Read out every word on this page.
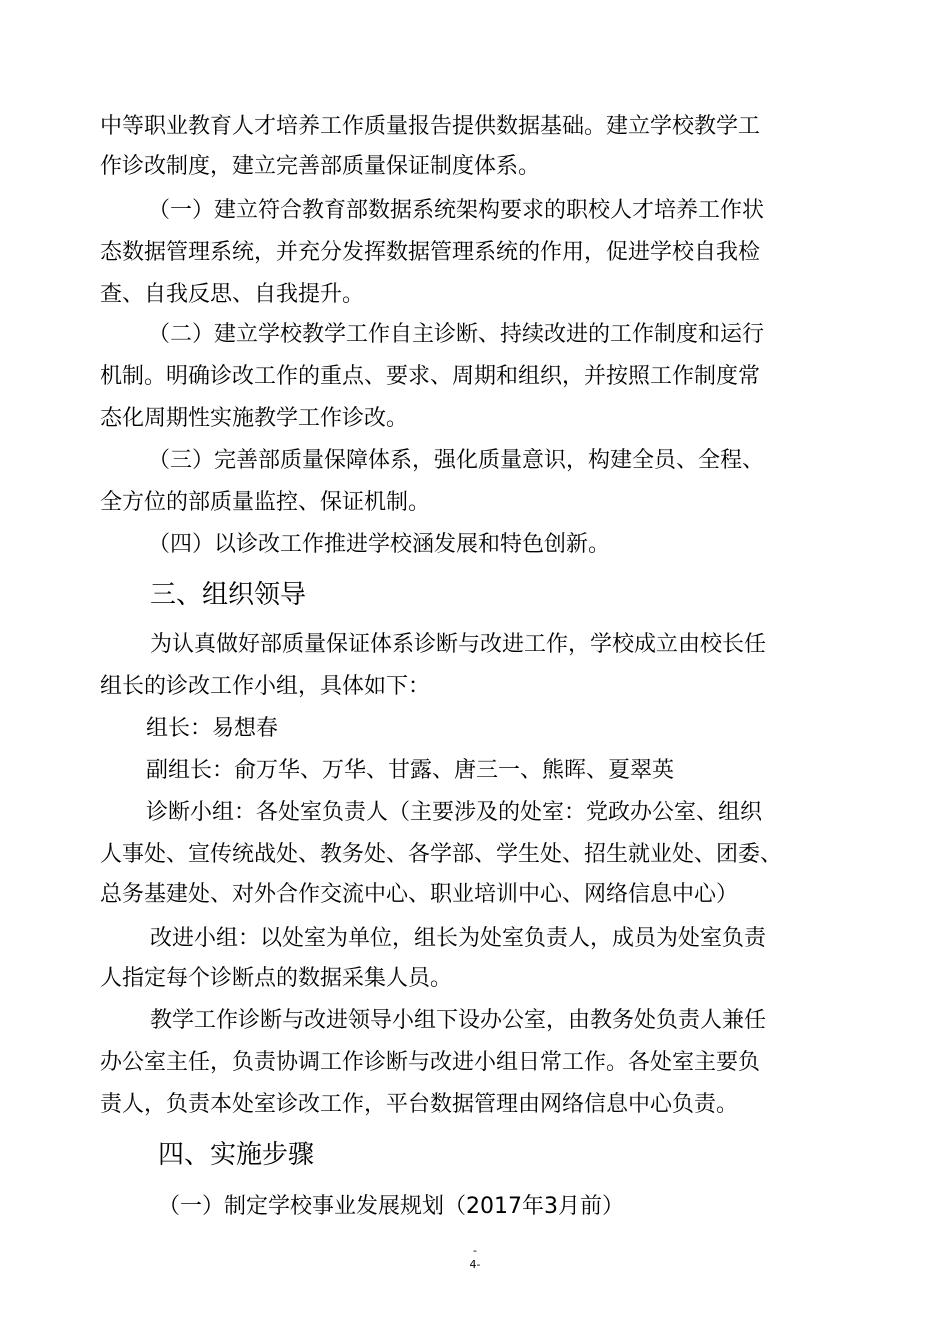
中等职业教育人才培养工作质量报告提供数据基础。建立学校教学工
作诊改制度，建立完善部质量保证制度体系。
（一）建立符合教育部数据系统架构要求的职校人才培养工作状
态数据管理系统，并充分发挥数据管理系统的作用，促进学校自我检
查、自我反思、自我提升。
（二）建立学校教学工作自主诊断、持续改进的工作制度和运行
机制。明确诊改工作的重点、要求、周期和组织，并按照工作制度常
态化周期性实施教学工作诊改。
（三）完善部质量保障体系，强化质量意识，构建全员、全程、
全方位的部质量监控、保证机制。
（四）以诊改工作推进学校涵发展和特色创新。
三、组织领导
为认真做好部质量保证体系诊断与改进工作，学校成立由校长任
组长的诊改工作小组，具体如下：
组长：易想春
副组长：俞万华、万华、甘露、唐三一、熊晖、夏翠英
诊断小组：各处室负责人（主要涉及的处室：党政办公室、组织
人事处、宣传统战处、教务处、各学部、学生处、招生就业处、团委、
总务基建处、对外合作交流中心、职业培训中心、网络信息中心）
改进小组：以处室为单位，组长为处室负责人，成员为处室负责
人指定每个诊断点的数据采集人员。
教学工作诊断与改进领导小组下设办公室，由教务处负责人兼任
办公室主任，负责协调工作诊断与改进小组日常工作。各处室主要负
责人，负责本处室诊改工作，平台数据管理由网络信息中心负责。
四、实施步骤
（一）制定学校事业发展规划（2017年3月前）
-
4-
